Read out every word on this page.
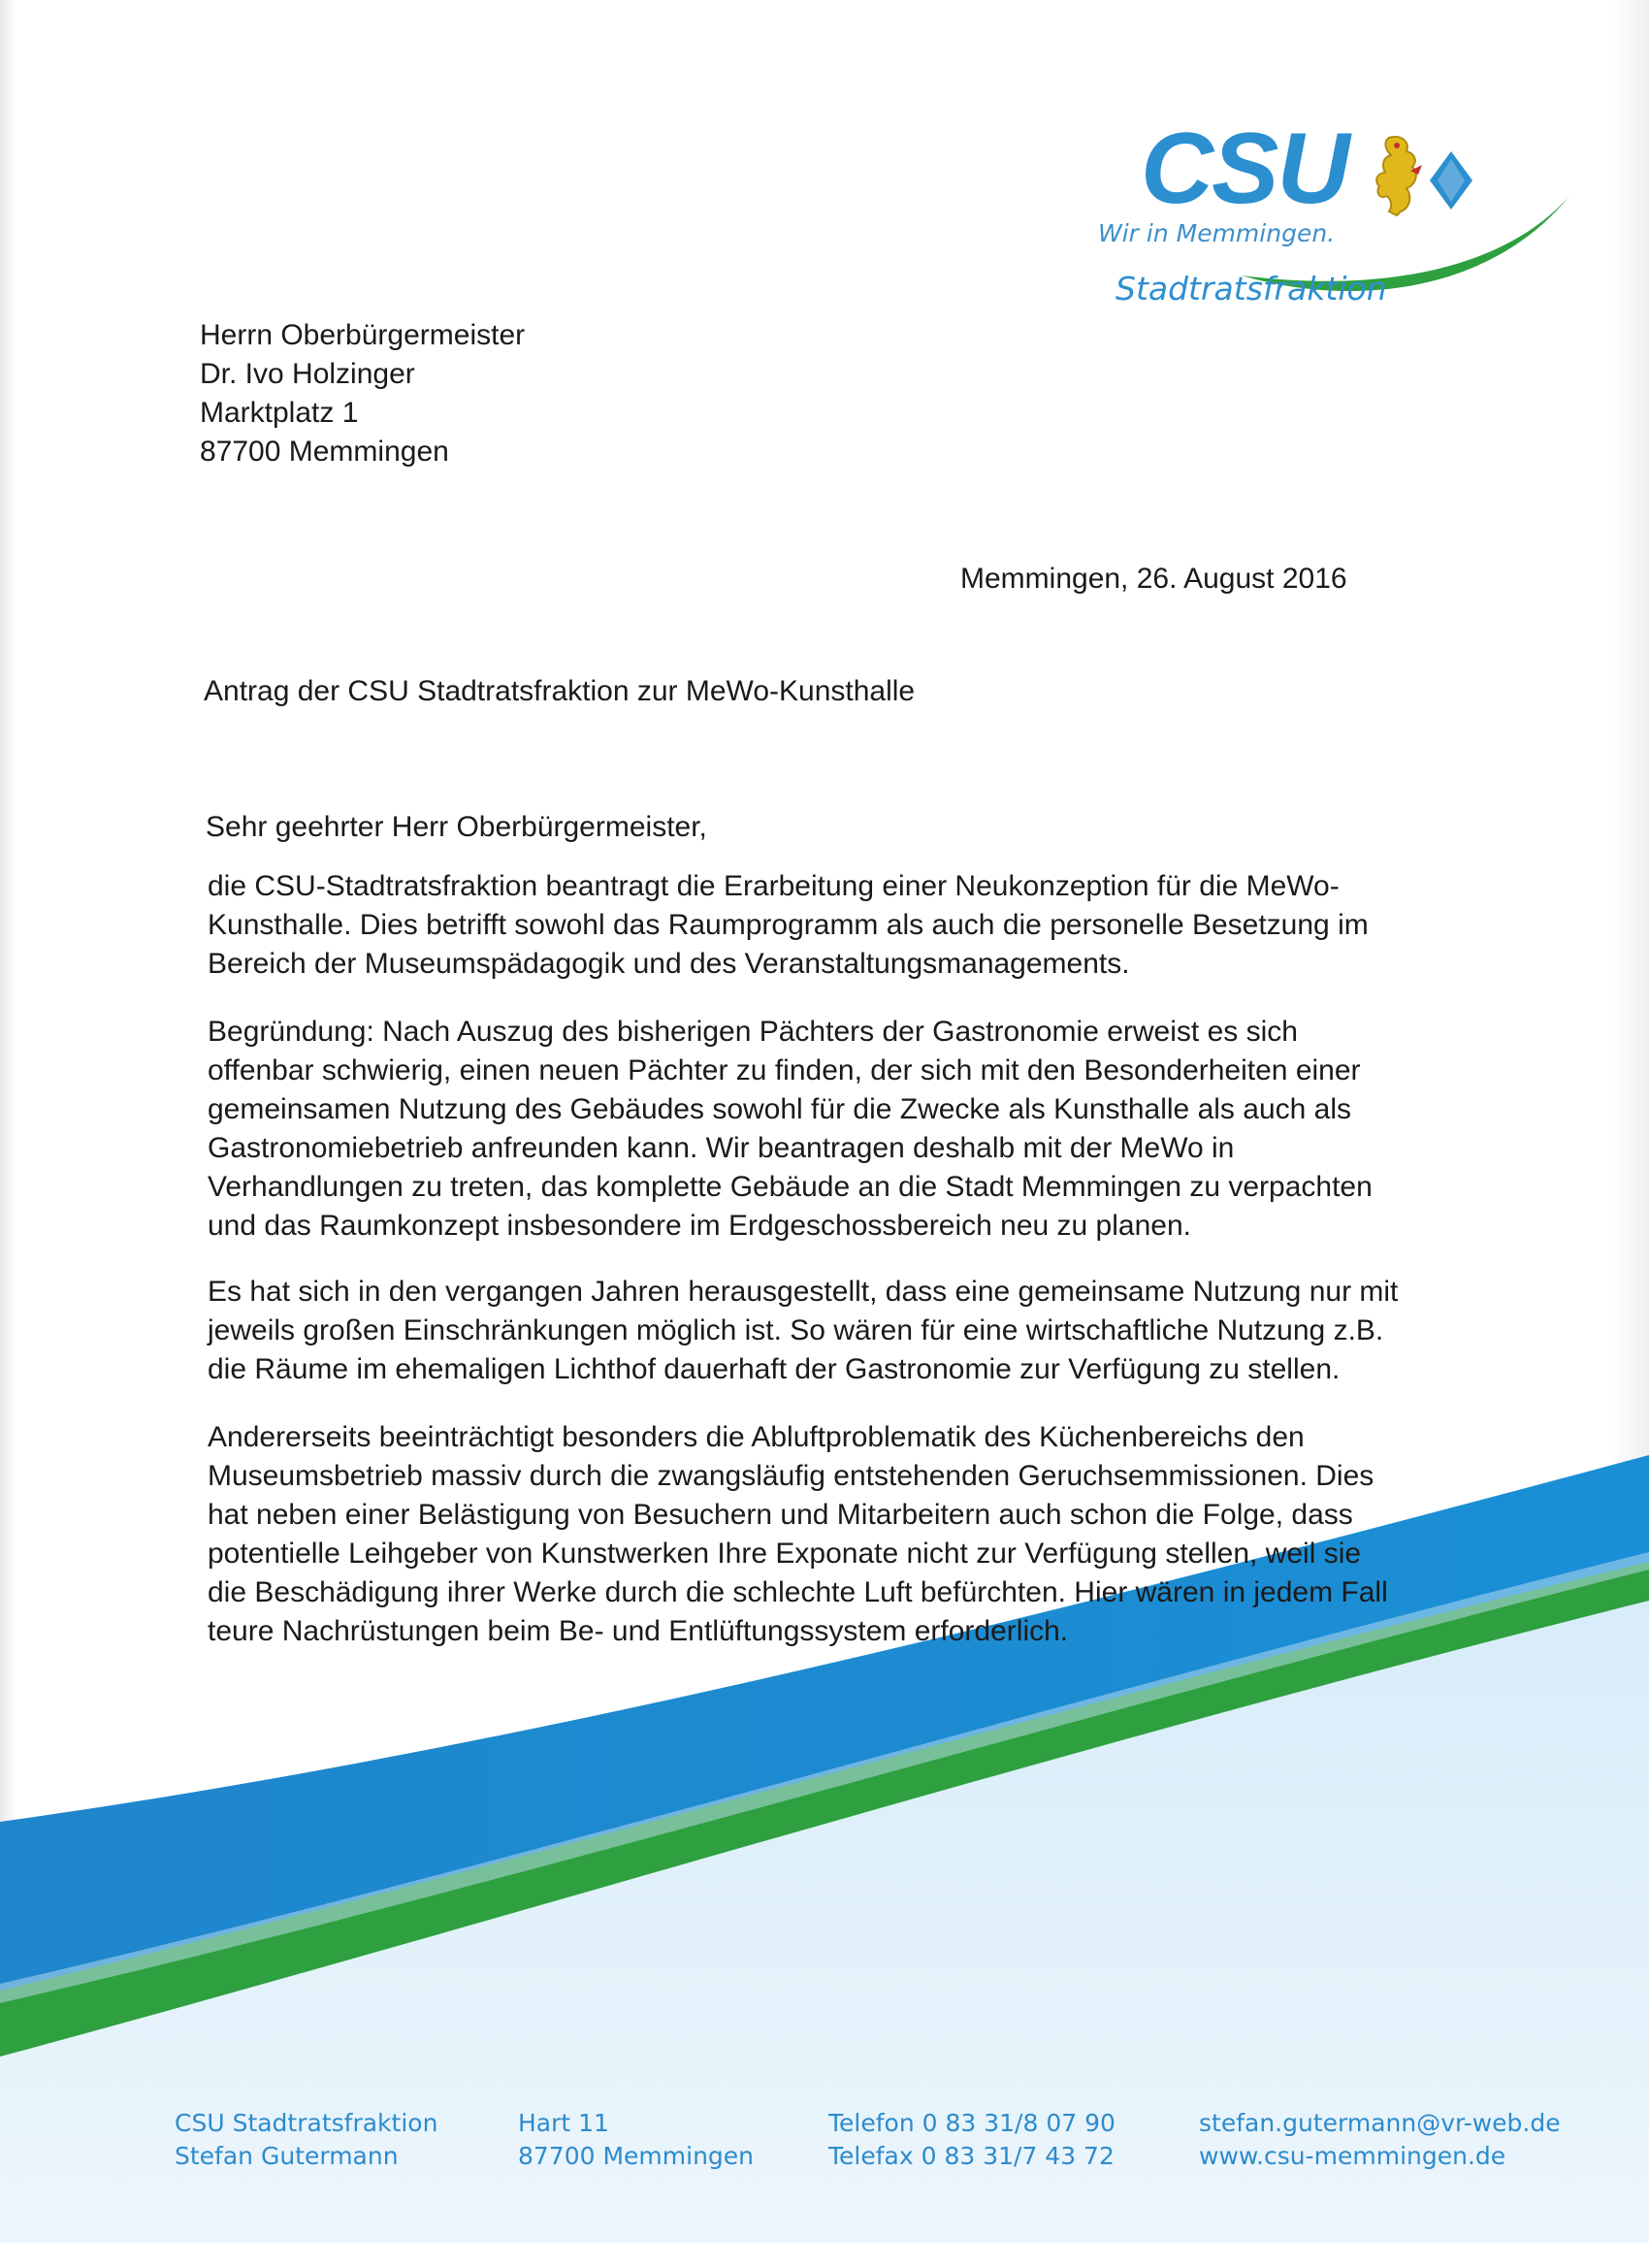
CSU
Wir in Memmingen.
Stadtratsfraktion
Herrn Oberbürgermeister
Dr. Ivo Holzinger
Marktplatz 1
87700 Memmingen
Memmingen, 26. August 2016
Antrag der CSU Stadtratsfraktion zur MeWo-Kunsthalle
Sehr geehrter Herr Oberbürgermeister,
die CSU-Stadtratsfraktion beantragt die Erarbeitung einer Neukonzeption für die MeWo-
Kunsthalle. Dies betrifft sowohl das Raumprogramm als auch die personelle Besetzung im
Bereich der Museumspädagogik und des Veranstaltungsmanagements.
Begründung: Nach Auszug des bisherigen Pächters der Gastronomie erweist es sich
offenbar schwierig, einen neuen Pächter zu finden, der sich mit den Besonderheiten einer
gemeinsamen Nutzung des Gebäudes sowohl für die Zwecke als Kunsthalle als auch als
Gastronomiebetrieb anfreunden kann. Wir beantragen deshalb mit der MeWo in
Verhandlungen zu treten, das komplette Gebäude an die Stadt Memmingen zu verpachten
und das Raumkonzept insbesondere im Erdgeschossbereich neu zu planen.
Es hat sich in den vergangen Jahren herausgestellt, dass eine gemeinsame Nutzung nur mit
jeweils großen Einschränkungen möglich ist. So wären für eine wirtschaftliche Nutzung z.B.
die Räume im ehemaligen Lichthof dauerhaft der Gastronomie zur Verfügung zu stellen.
Andererseits beeinträchtigt besonders die Abluftproblematik des Küchenbereichs den
Museumsbetrieb massiv durch die zwangsläufig entstehenden Geruchsemmissionen. Dies
hat neben einer Belästigung von Besuchern und Mitarbeitern auch schon die Folge, dass
potentielle Leihgeber von Kunstwerken Ihre Exponate nicht zur Verfügung stellen, weil sie
die Beschädigung ihrer Werke durch die schlechte Luft befürchten. Hier wären in jedem Fall
teure Nachrüstungen beim Be- und Entlüftungssystem erforderlich.
CSU Stadtratsfraktion
Stefan Gutermann
Hart 11
87700 Memmingen
Telefon 0 83 31/8 07 90
Telefax 0 83 31/7 43 72
stefan.gutermann@vr-web.de
www.csu-memmingen.de
